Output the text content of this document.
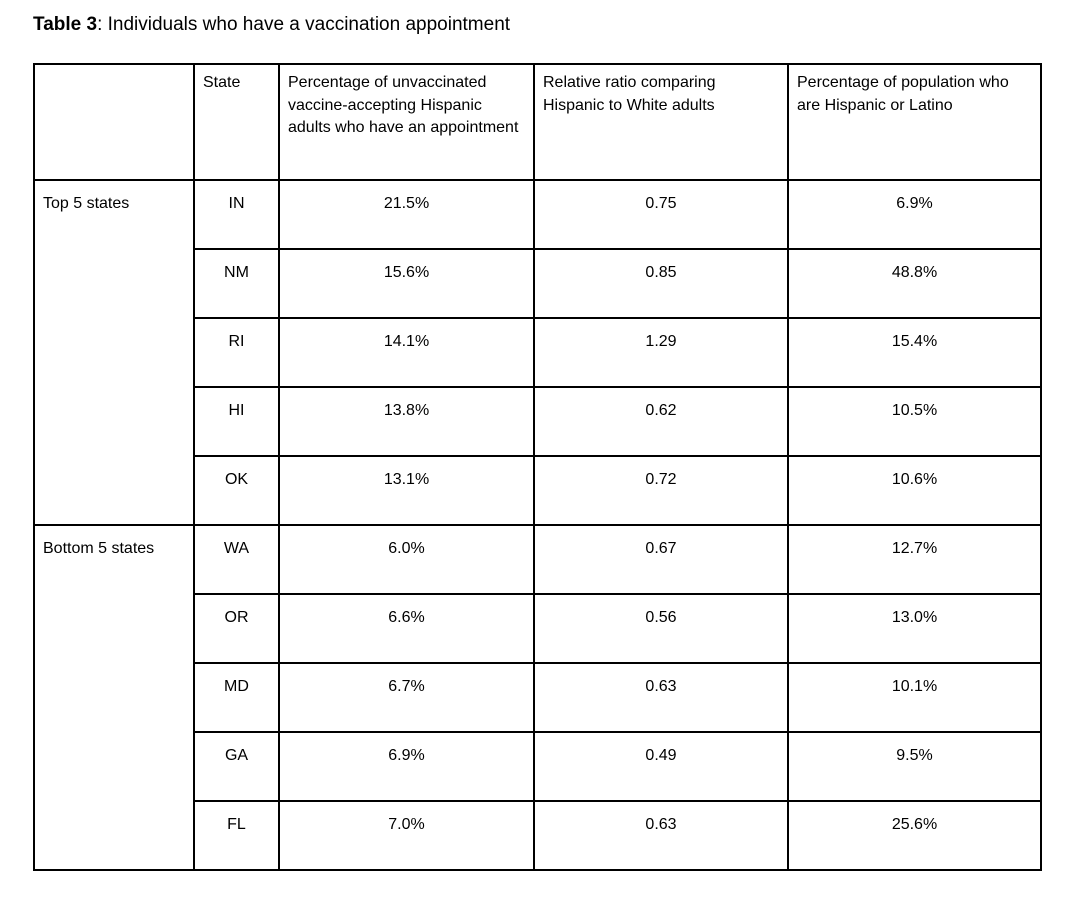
Table 3: Individuals who have a vaccination appointment
	State	Percentage of unvaccinated vaccine-accepting Hispanic adults who have an appointment	Relative ratio comparing Hispanic to White adults	Percentage of population who are Hispanic or Latino
Top 5 states	IN	21.5%	0.75	6.9%
	NM	15.6%	0.85	48.8%
	RI	14.1%	1.29	15.4%
	HI	13.8%	0.62	10.5%
	OK	13.1%	0.72	10.6%
Bottom 5 states	WA	6.0%	0.67	12.7%
	OR	6.6%	0.56	13.0%
	MD	6.7%	0.63	10.1%
	GA	6.9%	0.49	9.5%
	FL	7.0%	0.63	25.6%
